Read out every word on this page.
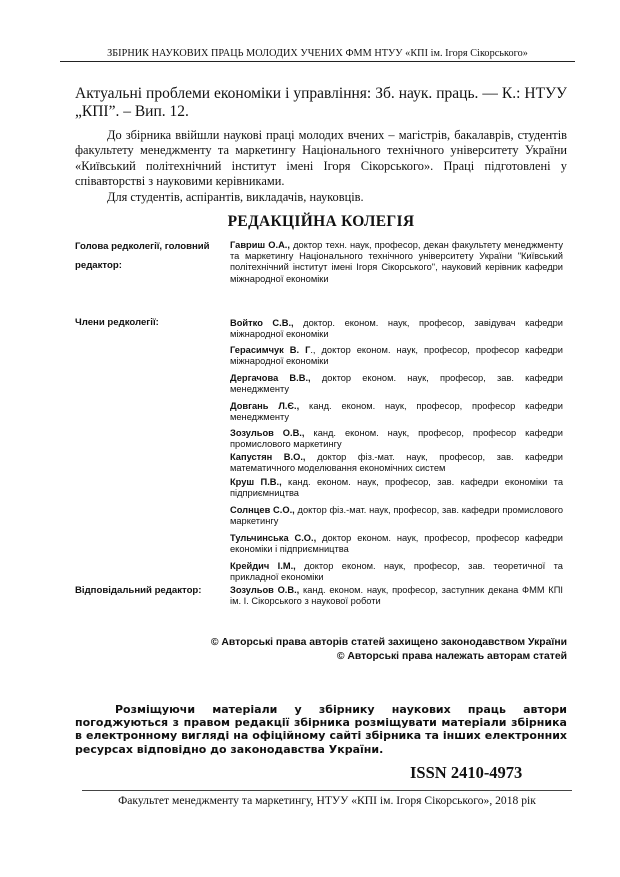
ЗБІРНИК НАУКОВИХ ПРАЦЬ МОЛОДИХ УЧЕНИХ ФММ НТУУ «КПІ ім. Ігоря Сікорського»
Актуальні проблеми економіки і управління: Зб. наук. праць. — К.: НТУУ
„КПІ”. – Вип. 12.

До збірника ввійшли наукові праці молодих вчених – магістрів, бакалаврів, студентів факультету менеджменту та маркетингу Національного технічного університету України «Київський політехнічний інститут імені Ігоря Сікорського». Праці підготовлені у співавторстві з науковими керівниками.

Для студентів, аспірантів, викладачів, науковців.

РЕДАКЦІЙНА КОЛЕГІЯ
Голова редколегії, головний
редактор:
Гавриш О.А., доктор техн. наук, професор, декан факультету менеджменту та маркетингу Національного технічного університету України "Київський політехнічний інститут імені Ігоря Сікорського", науковий керівник кафедри міжнародної економіки
Члени редколегії:	Войтко С.В., доктор. економ. наук, професор, завідувач кафедри міжнародної економіки
Герасимчук В. Г., доктор економ. наук, професор, професор кафедри міжнародної економіки
Дергачова В.В., доктор економ. наук, професор, зав. кафедри менеджменту
Довгань Л.Є., канд. економ. наук, професор, професор кафедри менеджменту
Зозульов О.В., канд. економ. наук, професор, професор кафедри промислового маркетингу
Капустян В.О., доктор фіз.-мат. наук, професор, зав. кафедри математичного моделювання економічних систем
Круш П.В., канд. економ. наук, професор, зав. кафедри економіки та підприємництва
Солнцев С.О., доктор фіз.-мат. наук, професор, зав. кафедри промислового маркетингу
Тульчинська С.О., доктор економ. наук, професор, професор кафедри економіки і підприємництва
Крейдич І.М., доктор економ. наук, професор, зав. теоретичної та прикладної економіки
Відповідальний редактор:	Зозульов О.В., канд. економ. наук, професор, заступник декана ФММ КПІ ім. І. Сікорського з наукової роботи
© Авторські права авторів статей захищено законодавством України
© Авторські права належать авторам статей
Розміщуючи матеріали у збірнику наукових праць автори погоджуються з правом редакції збірника розміщувати матеріали збірника в електронному вигляді на офіційному сайті збірника та інших електронних ресурсах відповідно до законодавства України.
ISSN 2410-4973
Факультет менеджменту та маркетингу, НТУУ «КПІ ім. Ігоря Сікорського», 2018 рік
